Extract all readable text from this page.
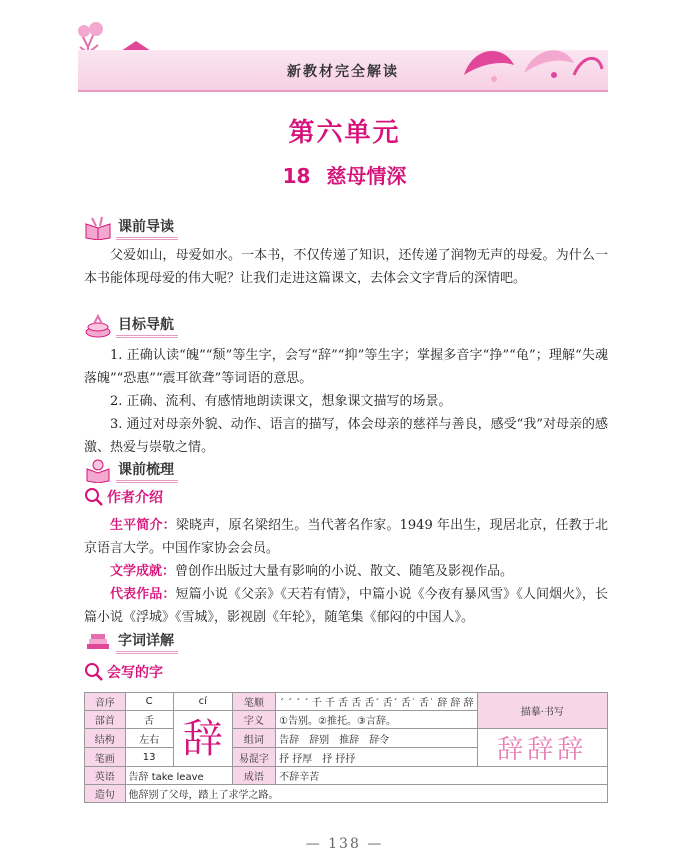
新教材完全解读
第六单元
18 慈母情深
课前导读
父爱如山，母爱如水。一本书，不仅传递了知识，还传递了润物无声的母爱。为什么一本书能体现母爱的伟大呢？让我们走进这篇课文，去体会文字背后的深情吧。
目标导航
1. 正确认读“魄”“颓”等生字，会写“辞”“抑”等生字；掌握多音字“挣”“龟”；理解“失魂落魄”“恐惠”“震耳欲聋”等词语的意思。
2. 正确、流利、有感情地朗读课文，想象课文描写的场景。
3. 通过对母亲外貌、动作、语言的描写，体会母亲的慈祥与善良，感受“我”对母亲的感激、热爱与崇敬之情。
课前梳理
作者介绍
生平简介：梁晓声，原名梁绍生。当代著名作家。1949 年出生，现居北京，任教于北京语言大学。中国作家协会会员。
文学成就：曾创作出版过大量有影响的小说、散文、随笔及影视作品。
代表作品：短篇小说《父亲》《天若有情》，中篇小说《今夜有暴风雪》《人间烟火》，长篇小说《浮城》《雪城》，影视剧《年轮》，随笔集《郁闷的中国人》。
字词详解
会写的字
音序	C	cí	笔顺	ˊ ˊ ˊ ˊ 千 千 舌 舌 舌ˊ 舌ˊ 舌˙ 舌˙ 辞 辞 辞	描摹·书写
部首	舌	辞	字义	①告别。②推托。③言辞。	
结构	左右		组词	告辞　辞别　推辞　辞令	辞辞辞
笔画	13		易混字	抒 抒厚　抒 抒抒	
英语	告辞 take leave		成语	不辞辛苦	
造句	他辞别了父母，踏上了求学之路。				
— 138 —
